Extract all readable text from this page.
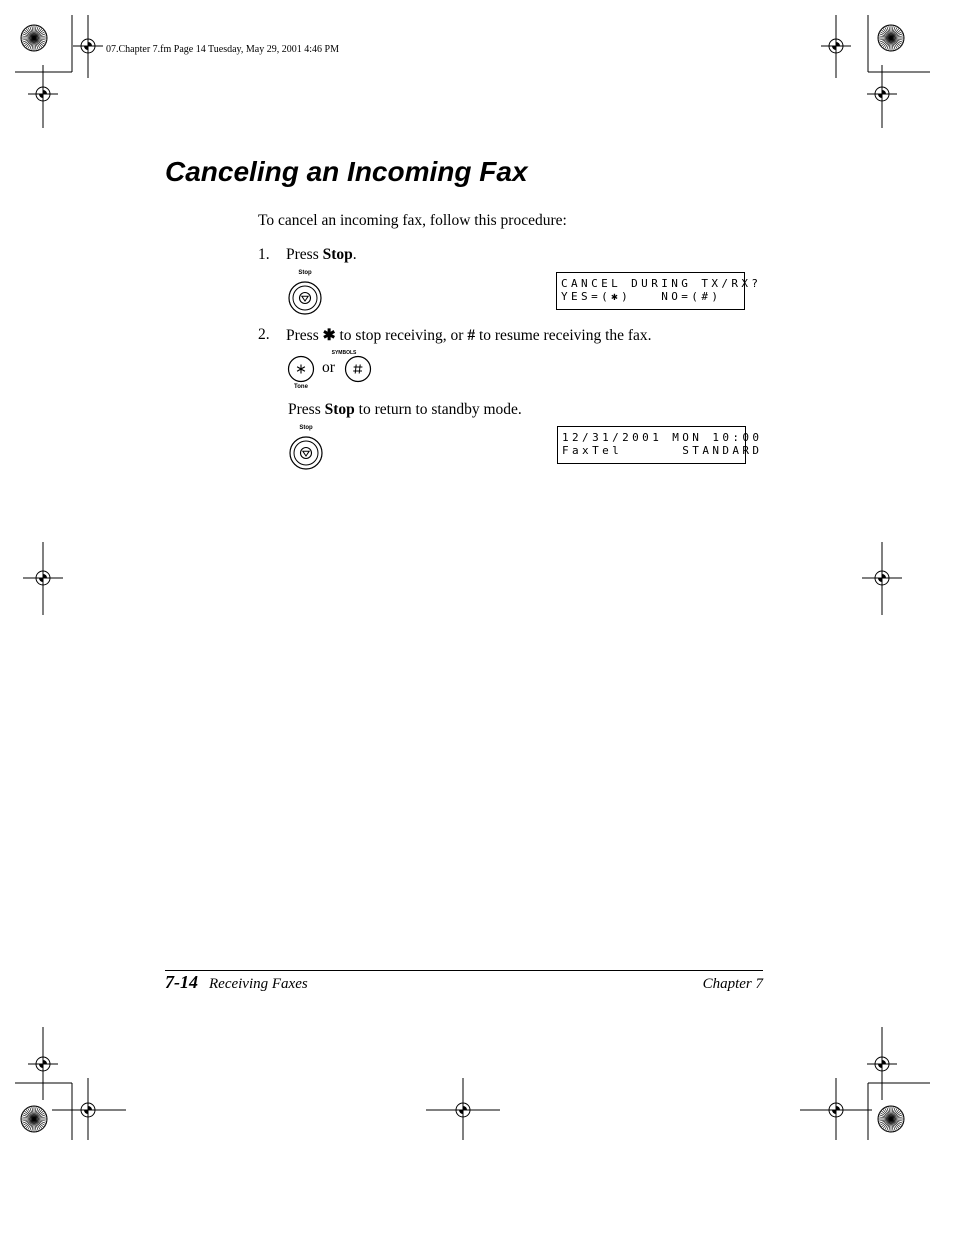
07.Chapter 7.fm Page 14 Tuesday, May 29, 2001 4:46 PM
Canceling an Incoming Fax
To cancel an incoming fax, follow this procedure:
1. Press Stop.
Stop
CANCEL DURING TX/RX?
YES=(✱)   NO=(#)
2. Press ✱ to stop receiving, or # to resume receiving the fax.
Tone
or
SYMBOLS
Press Stop to return to standby mode.
Stop
12/31/2001 MON 10:00
FaxTel      STANDARD
7-14 Receiving Faxes	Chapter 7
